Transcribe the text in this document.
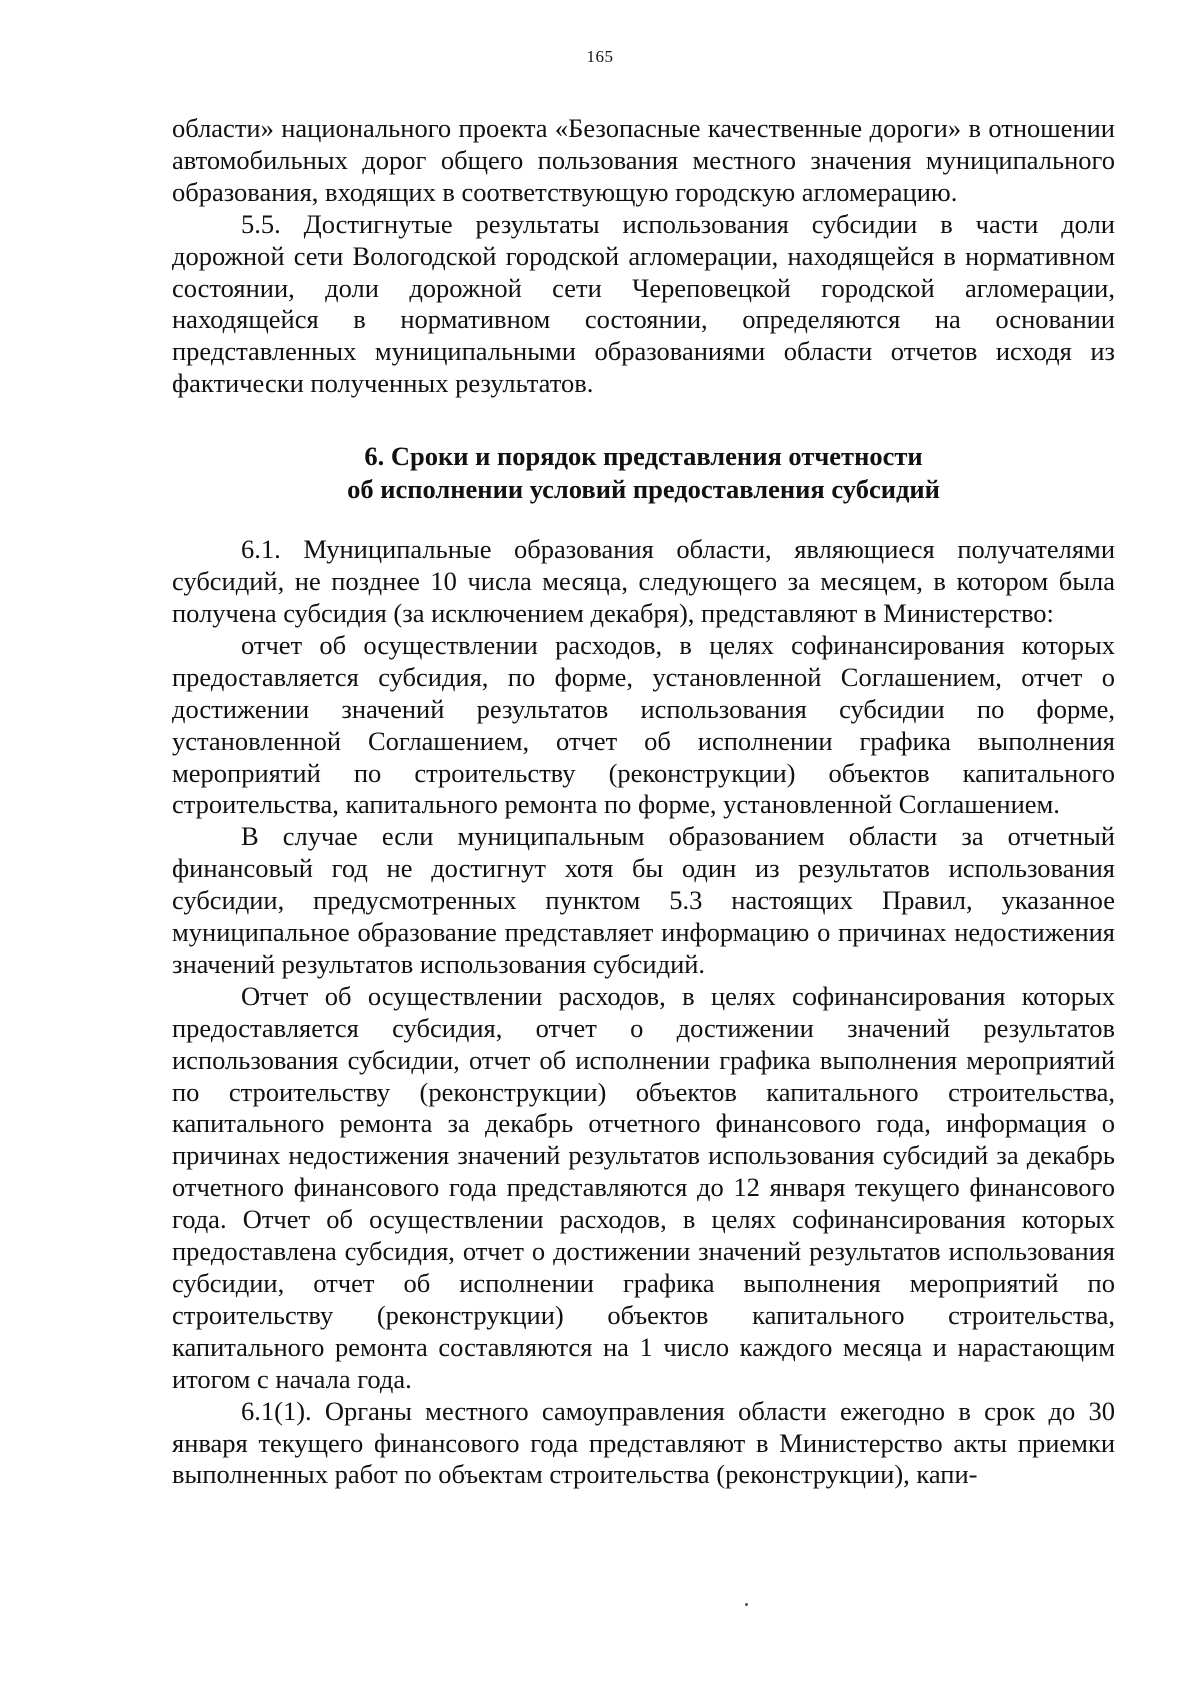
165

области» национального проекта «Безопасные качественные дороги» в отношении автомобильных дорог общего пользования местного значения муниципального образования, входящих в соответствующую городскую агломерацию.

5.5. Достигнутые результаты использования субсидии в части доли дорожной сети Вологодской городской агломерации, находящейся в нормативном состоянии, доли дорожной сети Череповецкой городской агломерации, находящейся в нормативном состоянии, определяются на основании представленных муниципальными образованиями области отчетов исходя из фактически полученных результатов.

6. Сроки и порядок представления отчетности
об исполнении условий предоставления субсидий

6.1. Муниципальные образования области, являющиеся получателями субсидий, не позднее 10 числа месяца, следующего за месяцем, в котором была получена субсидия (за исключением декабря), представляют в Министерство:

отчет об осуществлении расходов, в целях софинансирования которых предоставляется субсидия, по форме, установленной Соглашением, отчет о достижении значений результатов использования субсидии по форме, установленной Соглашением, отчет об исполнении графика выполнения мероприятий по строительству (реконструкции) объектов капитального строительства, капитального ремонта по форме, установленной Соглашением.

В случае если муниципальным образованием области за отчетный финансовый год не достигнут хотя бы один из результатов использования субсидии, предусмотренных пунктом 5.3 настоящих Правил, указанное муниципальное образование представляет информацию о причинах недостижения значений результатов использования субсидий.

Отчет об осуществлении расходов, в целях софинансирования которых предоставляется субсидия, отчет о достижении значений результатов использования субсидии, отчет об исполнении графика выполнения мероприятий по строительству (реконструкции) объектов капитального строительства, капитального ремонта за декабрь отчетного финансового года, информация о причинах недостижения значений результатов использования субсидий за декабрь отчетного финансового года представляются до 12 января текущего финансового года. Отчет об осуществлении расходов, в целях софинансирования которых предоставлена субсидия, отчет о достижении значений результатов использования субсидии, отчет об исполнении графика выполнения мероприятий по строительству (реконструкции) объектов капитального строительства, капитального ремонта составляются на 1 число каждого месяца и нарастающим итогом с начала года.

6.1(1). Органы местного самоуправления области ежегодно в срок до 30 января текущего финансового года представляют в Министерство акты приемки выполненных работ по объектам строительства (реконструкции), капи-
